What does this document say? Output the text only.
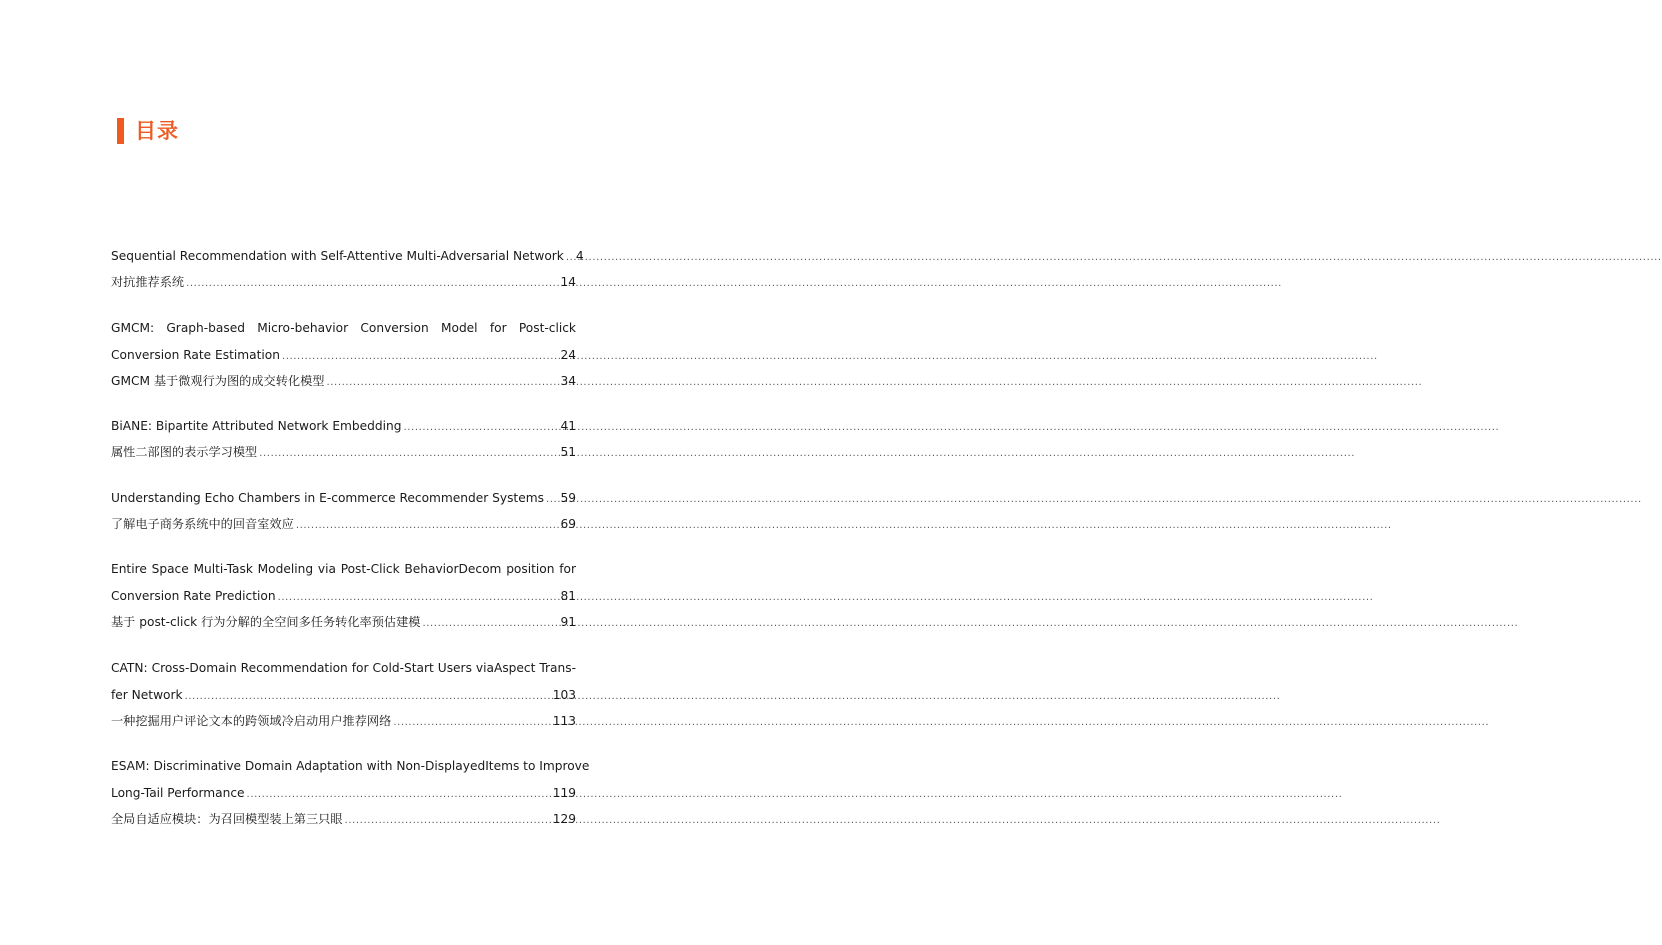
目录
Sequential Recommendation with Self-Attentive Multi-Adversarial Network ..... 4
对抗推荐系统 .....	14
GMCM: Graph-based Micro-behavior Conversion Model for Post-click
Conversion Rate Estimation .....	24
GMCM 基于微观行为图的成交转化模型 .....	34
BiANE: Bipartite Attributed Network Embedding .....	41
属性二部图的表示学习模型 .....	51
Understanding Echo Chambers in E-commerce Recommender Systems ..... 59
了解电子商务系统中的回音室效应 .....	69
Entire Space Multi-Task Modeling via Post-Click BehaviorDecom position for
Conversion Rate Prediction .....	81
基于 post-click 行为分解的全空间多任务转化率预估建模 .....	91
CATN: Cross-Domain Recommendation for Cold-Start Users viaAspect Trans-
fer Network .....	103
一种挖掘用户评论文本的跨领域冷启动用户推荐网络 .....	113
ESAM: Discriminative Domain Adaptation with Non-DisplayedItems to Improve
Long-Tail Performance .....	119
全局自适应模块：为召回模型装上第三只眼 .....	129
